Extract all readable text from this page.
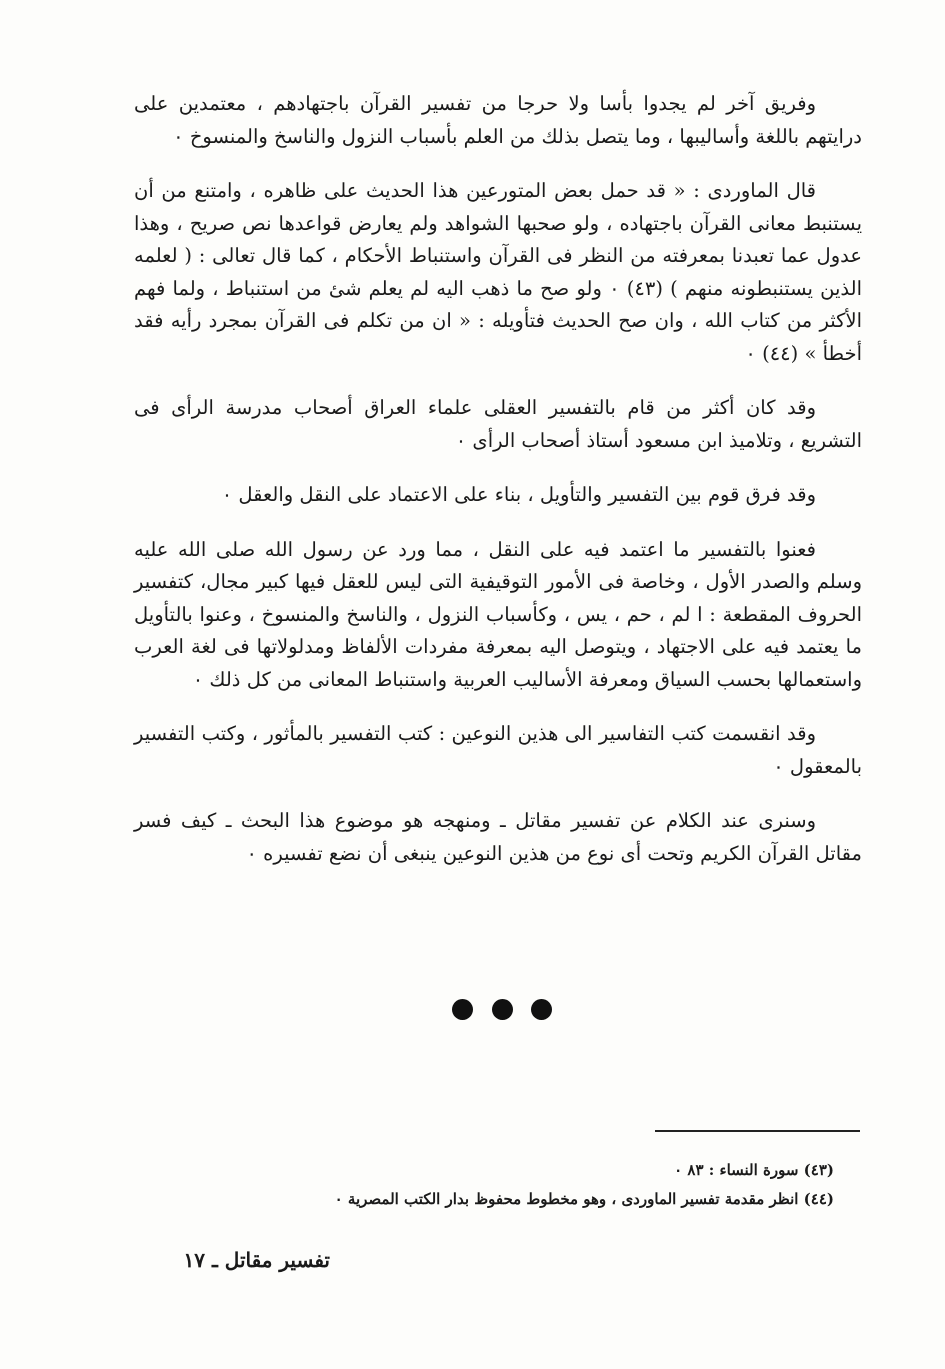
وفريق آخر لم يجدوا بأسا ولا حرجا من تفسير القرآن باجتهادهم ، معتمدين على درايتهم باللغة وأساليبها ، وما يتصل بذلك من العلم بأسباب النزول والناسخ والمنسوخ ٠

قال الماوردى : « قد حمل بعض المتورعين هذا الحديث على ظاهره ، وامتنع من أن يستنبط معانى القرآن باجتهاده ، ولو صحبها الشواهد ولم يعارض قواعدها نص صريح ، وهذا عدول عما تعبدنا بمعرفته من النظر فى القرآن واستنباط الأحكام ، كما قال تعالى : ( لعلمه الذين يستنبطونه منهم ) (٤٣) ٠ ولو صح ما ذهب اليه لم يعلم شئ من استنباط ، ولما فهم الأكثر من كتاب الله ، وان صح الحديث فتأويله : « ان من تكلم فى القرآن بمجرد رأيه فقد أخطأ » (٤٤) ٠

وقد كان أكثر من قام بالتفسير العقلى علماء العراق أصحاب مدرسة الرأى فى التشريع ، وتلاميذ ابن مسعود أستاذ أصحاب الرأى ٠

وقد فرق قوم بين التفسير والتأويل ، بناء على الاعتماد على النقل والعقل ٠

فعنوا بالتفسير ما اعتمد فيه على النقل ، مما ورد عن رسول الله صلى الله عليه وسلم والصدر الأول ، وخاصة فى الأمور التوقيفية التى ليس للعقل فيها كبير مجال، كتفسير الحروف المقطعة : ا لم ، حم ، يس ، وكأسباب النزول ، والناسخ والمنسوخ ، وعنوا بالتأويل ما يعتمد فيه على الاجتهاد ، ويتوصل اليه بمعرفة مفردات الألفاظ ومدلولاتها فى لغة العرب واستعمالها بحسب السياق ومعرفة الأساليب العربية واستنباط المعانى من كل ذلك ٠

وقد انقسمت كتب التفاسير الى هذين النوعين : كتب التفسير بالمأثور ، وكتب التفسير بالمعقول ٠

وسنرى عند الكلام عن تفسير مقاتل ـ ومنهجه هو موضوع هذا البحث ـ كيف فسر مقاتل القرآن الكريم وتحت أى نوع من هذين النوعين ينبغى أن نضع تفسيره ٠

(٤٣) سورة النساء : ٨٣ ٠

(٤٤) انظر مقدمة تفسير الماوردى ، وهو مخطوط محفوظ بدار الكتب المصرية ٠

تفسير مقاتل ـ ١٧
